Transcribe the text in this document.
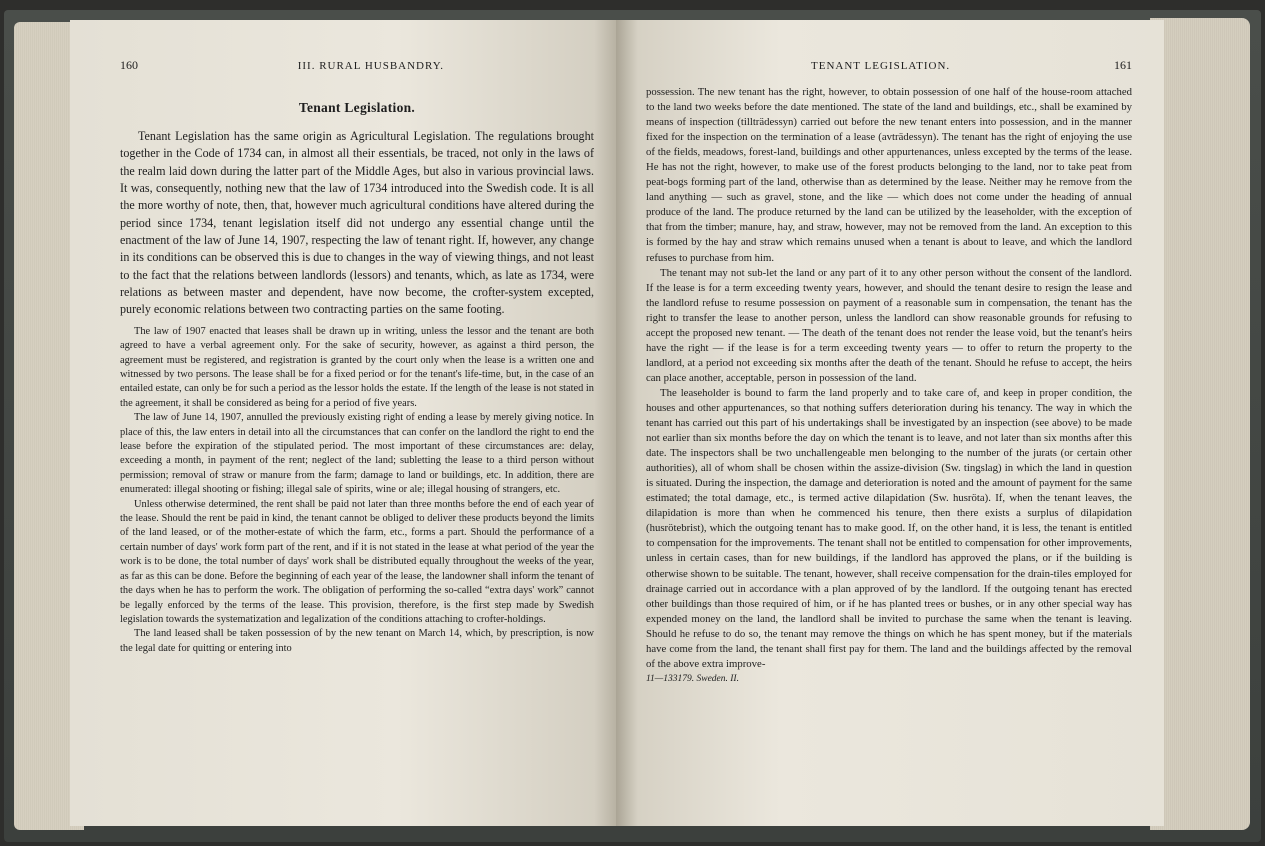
160	III. RURAL HUSBANDRY.
Tenant Legislation.

Tenant Legislation has the same origin as Agricultural Legislation. The regulations brought together in the Code of 1734 can, in almost all their essentials, be traced, not only in the laws of the realm laid down during the latter part of the Middle Ages, but also in various provincial laws. It was, consequently, nothing new that the law of 1734 introduced into the Swedish code. It is all the more worthy of note, then, that, however much agricultural conditions have altered during the period since 1734, tenant legislation itself did not undergo any essential change until the enactment of the law of June 14, 1907, respecting the law of tenant right. If, however, any change in its conditions can be observed this is due to changes in the way of viewing things, and not least to the fact that the relations between landlords (lessors) and tenants, which, as late as 1734, were relations as between master and dependent, have now become, the crofter-system excepted, purely economic relations between two contracting parties on the same footing.

The law of 1907 enacted that leases shall be drawn up in writing, unless the lessor and the tenant are both agreed to have a verbal agreement only. For the sake of security, however, as against a third person, the agreement must be registered, and registration is granted by the court only when the lease is a written one and witnessed by two persons. The lease shall be for a fixed period or for the tenant's life-time, but, in the case of an entailed estate, can only be for such a period as the lessor holds the estate. If the length of the lease is not stated in the agreement, it shall be considered as being for a period of five years.

The law of June 14, 1907, annulled the previously existing right of ending a lease by merely giving notice. In place of this, the law enters in detail into all the circumstances that can confer on the landlord the right to end the lease before the expiration of the stipulated period. The most important of these circumstances are: delay, exceeding a month, in payment of the rent; neglect of the land; subletting the lease to a third person without permission; removal of straw or manure from the farm; damage to land or buildings, etc. In addition, there are enumerated: illegal shooting or fishing; illegal sale of spirits, wine or ale; illegal housing of strangers, etc.

Unless otherwise determined, the rent shall be paid not later than three months before the end of each year of the lease. Should the rent be paid in kind, the tenant cannot be obliged to deliver these products beyond the limits of the land leased, or of the mother-estate of which the farm, etc., forms a part. Should the performance of a certain number of days' work form part of the rent, and if it is not stated in the lease at what period of the year the work is to be done, the total number of days' work shall be distributed equally throughout the weeks of the year, as far as this can be done. Before the beginning of each year of the lease, the landowner shall inform the tenant of the days when he has to perform the work. The obligation of performing the so-called “extra days' work” cannot be legally enforced by the terms of the lease. This provision, therefore, is the first step made by Swedish legislation towards the systematization and legalization of the conditions attaching to crofter-holdings.

The land leased shall be taken possession of by the new tenant on March 14, which, by prescription, is now the legal date for quitting or entering into

TENANT LEGISLATION.	161

possession. The new tenant has the right, however, to obtain possession of one half of the house-room attached to the land two weeks before the date mentioned. The state of the land and buildings, etc., shall be examined by means of inspection (tillträdessyn) carried out before the new tenant enters into possession, and in the manner fixed for the inspection on the termination of a lease (avträdessyn). The tenant has the right of enjoying the use of the fields, meadows, forest-land, buildings and other appurtenances, unless excepted by the terms of the lease. He has not the right, however, to make use of the forest products belonging to the land, nor to take peat from peat-bogs forming part of the land, otherwise than as determined by the lease. Neither may he remove from the land anything — such as gravel, stone, and the like — which does not come under the heading of annual produce of the land. The produce returned by the land can be utilized by the leaseholder, with the exception of that from the timber; manure, hay, and straw, however, may not be removed from the land. An exception to this is formed by the hay and straw which remains unused when a tenant is about to leave, and which the landlord refuses to purchase from him.

The tenant may not sub-let the land or any part of it to any other person without the consent of the landlord. If the lease is for a term exceeding twenty years, however, and should the tenant desire to resign the lease and the landlord refuse to resume possession on payment of a reasonable sum in compensation, the tenant has the right to transfer the lease to another person, unless the landlord can show reasonable grounds for refusing to accept the proposed new tenant. — The death of the tenant does not render the lease void, but the tenant's heirs have the right — if the lease is for a term exceeding twenty years — to offer to return the property to the landlord, at a period not exceeding six months after the death of the tenant. Should he refuse to accept, the heirs can place another, acceptable, person in possession of the land.

The leaseholder is bound to farm the land properly and to take care of, and keep in proper condition, the houses and other appurtenances, so that nothing suffers deterioration during his tenancy. The way in which the tenant has carried out this part of his undertakings shall be investigated by an inspection (see above) to be made not earlier than six months before the day on which the tenant is to leave, and not later than six months after this date. The inspectors shall be two unchallengeable men belonging to the number of the jurats (or certain other authorities), all of whom shall be chosen within the assize-division (Sw. tingslag) in which the land in question is situated. During the inspection, the damage and deterioration is noted and the amount of payment for the same estimated; the total damage, etc., is termed active dilapidation (Sw. husröta). If, when the tenant leaves, the dilapidation is more than when he commenced his tenure, then there exists a surplus of dilapidation (husrötebrist), which the outgoing tenant has to make good. If, on the other hand, it is less, the tenant is entitled to compensation for the improvements. The tenant shall not be entitled to compensation for other improvements, unless in certain cases, than for new buildings, if the landlord has approved the plans, or if the building is otherwise shown to be suitable. The tenant, however, shall receive compensation for the drain-tiles employed for drainage carried out in accordance with a plan approved of by the landlord. If the outgoing tenant has erected other buildings than those required of him, or if he has planted trees or bushes, or in any other special way has expended money on the land, the landlord shall be invited to purchase the same when the tenant is leaving. Should he refuse to do so, the tenant may remove the things on which he has spent money, but if the materials have come from the land, the tenant shall first pay for them. The land and the buildings affected by the removal of the above extra improve-

11—133179. Sweden. II.
